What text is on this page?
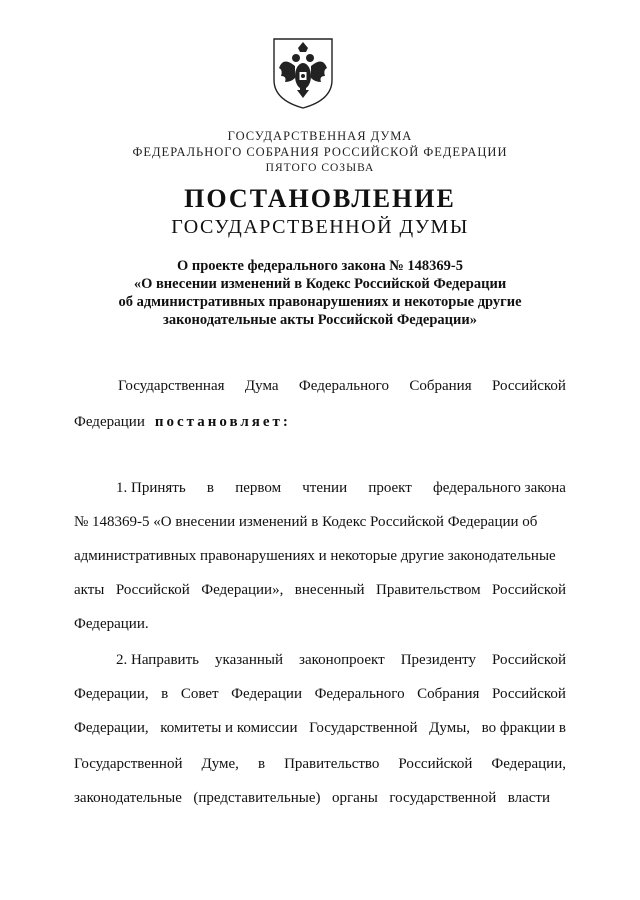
ГОСУДАРСТВЕННАЯ ДУМА
ФЕДЕРАЛЬНОГО СОБРАНИЯ РОССИЙСКОЙ ФЕДЕРАЦИИ
ПЯТОГО СОЗЫВА
ПОСТАНОВЛЕНИЕ
ГОСУДАРСТВЕННОЙ ДУМЫ
О проекте федерального закона № 148369-5
«О внесении изменений в Кодекс Российской Федерации
об административных правонарушениях и некоторые другие
законодательные акты Российской Федерации»
Государственная Дума Федерального Собрания Российской
Федерации постановляет:
1. Принять в первом чтении проект федерального закона
№ 148369-5 «О внесении изменений в Кодекс Российской Федерации об
административных правонарушениях и некоторые другие законодательные
акты Российской Федерации», внесенный Правительством Российской
Федерации.
2. Направить указанный законопроект Президенту Российской
Федерации, в Совет Федерации Федерального Собрания Российской
Федерации, комитеты и комиссии Государственной Думы, во фракции в
Государственной Думе, в Правительство Российской Федерации,
законодательные (представительные) органы государственной власти
